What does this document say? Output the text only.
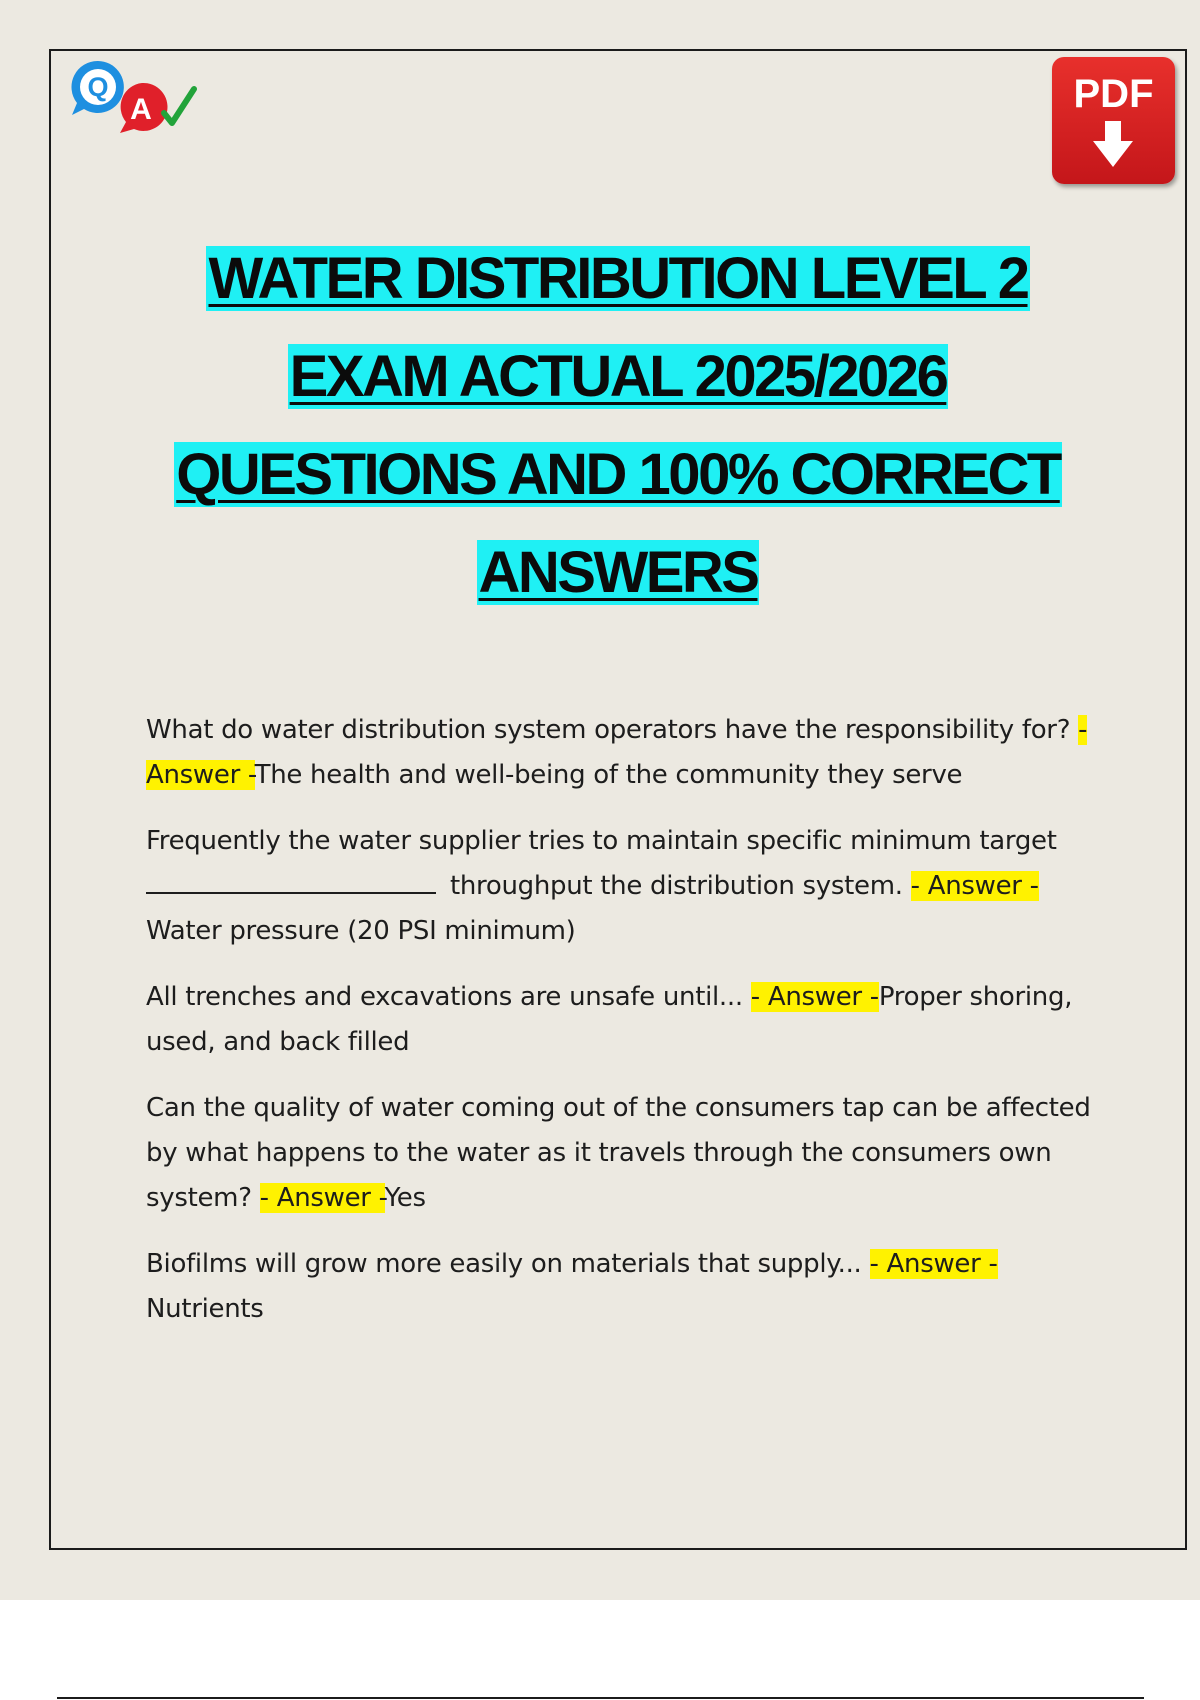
Q
A	PDF
WATER DISTRIBUTION LEVEL 2
EXAM ACTUAL 2025/2026
QUESTIONS AND 100% CORRECT
ANSWERS
What do water distribution system operators have the responsibility for? - Answer -The health and well-being of the community they serve
Frequently the water supplier tries to maintain specific minimum target  throughput the distribution system. - Answer -
Water pressure (20 PSI minimum)
All trenches and excavations are unsafe until... - Answer -Proper shoring, used, and back filled
Can the quality of water coming out of the consumers tap can be affected by what happens to the water as it travels through the consumers own system? - Answer -Yes
Biofilms will grow more easily on materials that supply... - Answer -
Nutrients
